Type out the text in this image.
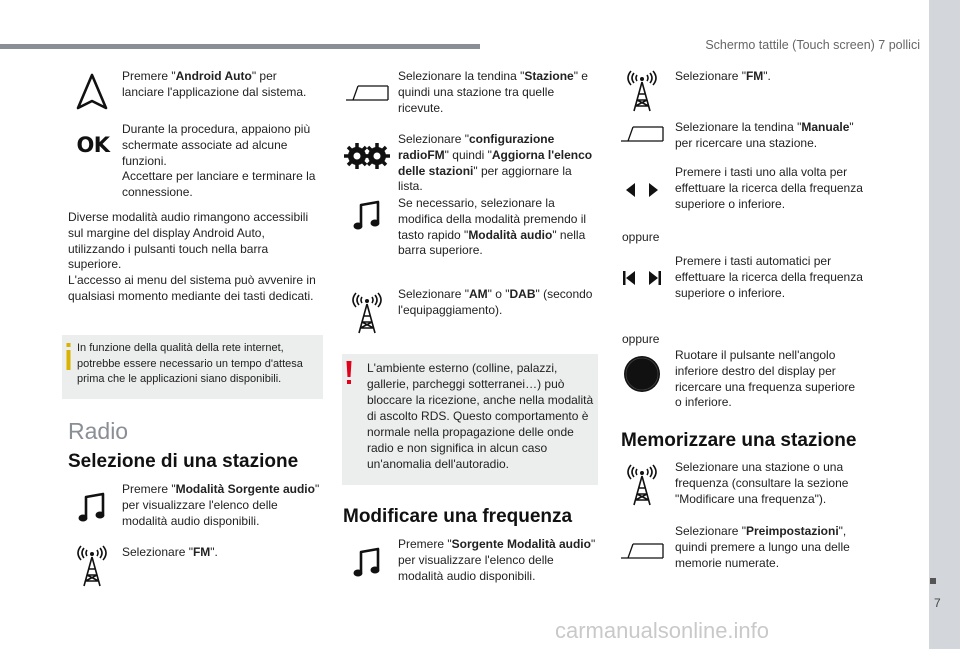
Schermo tattile (Touch screen) 7 pollici
7
carmanualsonline.info
Premere "Android Auto" per lanciare l'applicazione dal sistema.
OK
Durante la procedura, appaiono più schermate associate ad alcune funzioni.
Accettare per lanciare e terminare la connessione.
Diverse modalità audio rimangono accessibili sul margine del display Android Auto, utilizzando i pulsanti touch nella barra superiore.
L'accesso ai menu del sistema può avvenire in qualsiasi momento mediante dei tasti dedicati.
In funzione della qualità della rete internet, potrebbe essere necessario un tempo d'attesa prima che le applicazioni siano disponibili.
Radio
Selezione di una stazione
Premere "Modalità Sorgente audio" per visualizzare l'elenco delle modalità audio disponibili.
Selezionare "FM".
Selezionare la tendina "Stazione" e quindi una stazione tra quelle ricevute.
Selezionare "configurazione radioFM" quindi "Aggiorna l'elenco delle stazioni" per aggiornare la lista.
Se necessario, selezionare la modifica della modalità premendo il tasto rapido "Modalità audio" nella barra superiore.
Selezionare "AM" o "DAB" (secondo l'equipaggiamento).
L'ambiente esterno (colline, palazzi, gallerie, parcheggi sotterranei…) può bloccare la ricezione, anche nella modalità di ascolto RDS. Questo comportamento è normale nella propagazione delle onde radio e non significa in alcun caso un'anomalia dell'autoradio.
Modificare una frequenza
Premere "Sorgente Modalità audio" per visualizzare l'elenco delle modalità audio disponibili.
Selezionare "FM".
Selezionare la tendina "Manuale" per ricercare una stazione.
Premere i tasti uno alla volta per effettuare la ricerca della frequenza superiore o inferiore.
oppure
Premere i tasti automatici per effettuare la ricerca della frequenza superiore o inferiore.
oppure
Ruotare il pulsante nell'angolo inferiore destro del display per ricercare una frequenza superiore o inferiore.
Memorizzare una stazione
Selezionare una stazione o una frequenza (consultare la sezione "Modificare una frequenza").
Selezionare "Preimpostazioni", quindi premere a lungo una delle memorie numerate.
